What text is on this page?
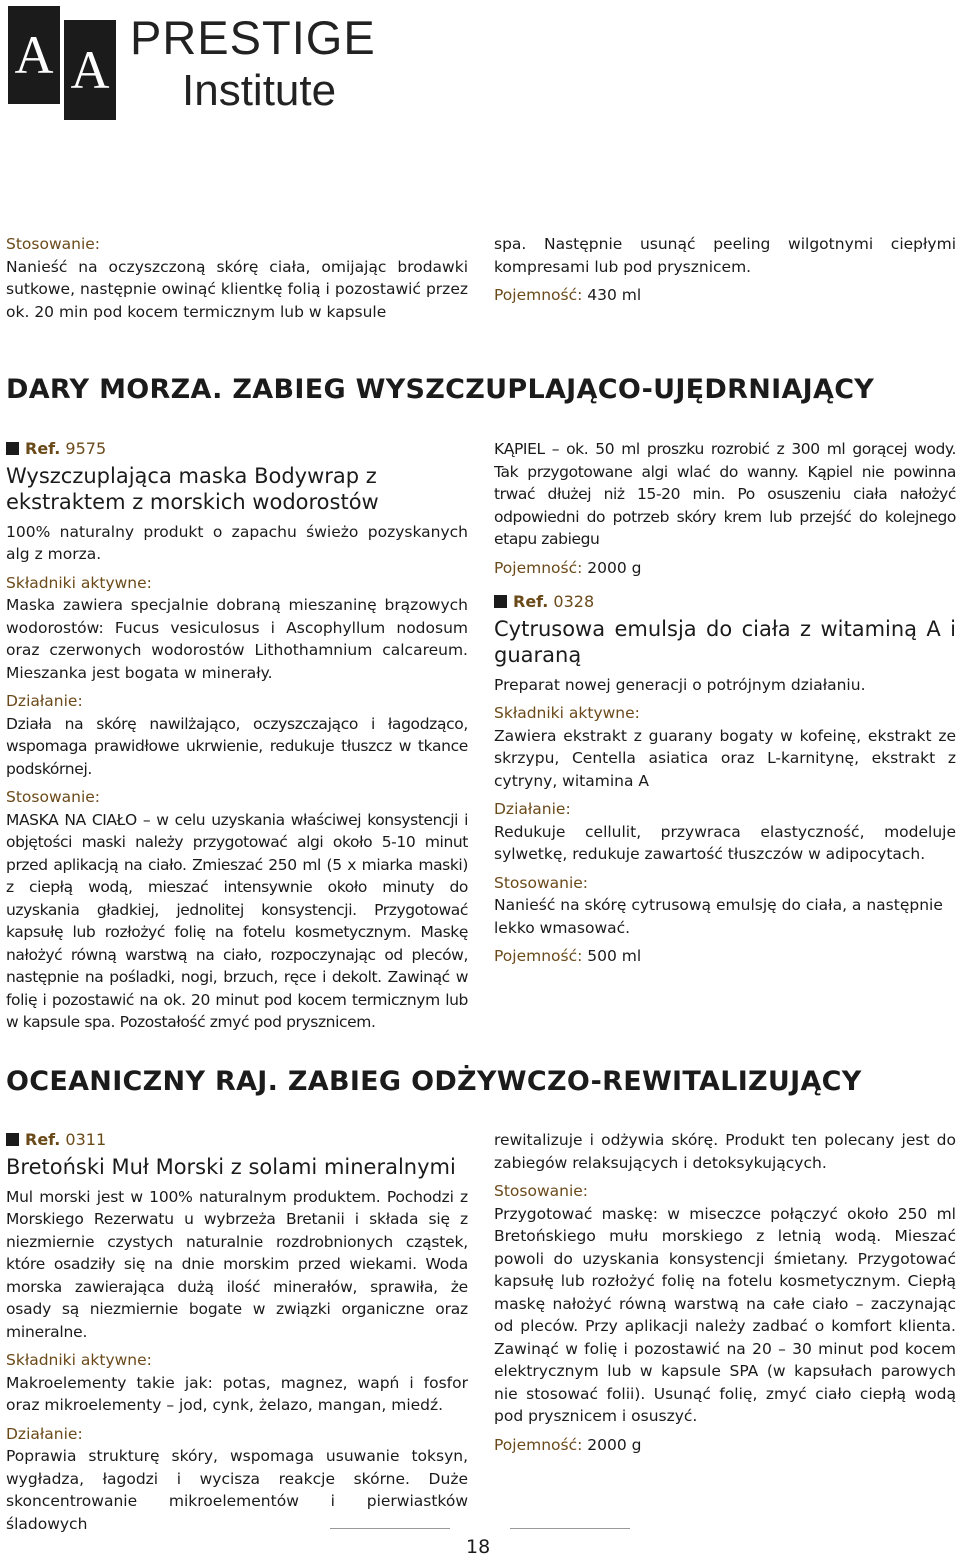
A A
PRESTIGE
Institute
Stosowanie:

Nanieść na oczyszczoną skórę ciała, omijając brodawki sutkowe, następnie owinąć klientkę folią i pozostawić przez ok. 20 min pod kocem termicznym lub w kapsule

spa. Następnie usunąć peeling wilgotnymi ciepłymi kompresami lub pod prysznicem.

Pojemność: 430 ml

DARY MORZA. ZABIEG WYSZCZUPLAJĄCO-UJĘDRNIAJĄCY
Ref. 9575
Wyszczuplająca maska Bodywrap z ekstraktem z morskich wodorostów

100% naturalny produkt o zapachu świeżo pozyskanych alg z morza.

Składniki aktywne:

Maska zawiera specjalnie dobraną mieszaninę brązowych wodorostów: Fucus vesiculosus i Ascophyllum nodosum oraz czerwonych wodorostów Lithothamnium calcareum. Mieszanka jest bogata w minerały.

Działanie:

Działa na skórę nawilżająco, oczyszczająco i łagodząco, wspomaga prawidłowe ukrwienie, redukuje tłuszcz w tkance podskórnej.

Stosowanie:

MASKA NA CIAŁO – w celu uzyskania właściwej konsystencji i objętości maski należy przygotować algi około 5-10 minut przed aplikacją na ciało. Zmieszać 250 ml (5 x miarka maski) z ciepłą wodą, mieszać intensywnie około minuty do uzyskania gładkiej, jednolitej konsystencji. Przygotować kapsułę lub rozłożyć folię na fotelu kosmetycznym. Maskę nałożyć równą warstwą na ciało, rozpoczynając od pleców, następnie na pośladki, nogi, brzuch, ręce i dekolt. Zawinąć w folię i pozostawić na ok. 20 minut pod kocem termicznym lub w kapsule spa. Pozostałość zmyć pod prysznicem.

KĄPIEL – ok. 50 ml proszku rozrobić z 300 ml gorącej wody. Tak przygotowane algi wlać do wanny. Kąpiel nie powinna trwać dłużej niż 15-20 min. Po osuszeniu ciała nałożyć odpowiedni do potrzeb skóry krem lub przejść do kolejnego etapu zabiegu

Pojemność: 2000 g

Ref. 0328
Cytrusowa emulsja do ciała z witaminą A i guaraną

Preparat nowej generacji o potrójnym działaniu.

Składniki aktywne:

Zawiera ekstrakt z guarany bogaty w kofeinę, ekstrakt ze skrzypu, Centella asiatica oraz L-karnitynę, ekstrakt z cytryny, witamina A

Działanie:

Redukuje cellulit, przywraca elastyczność, modeluje sylwetkę, redukuje zawartość tłuszczów w adipocytach.

Stosowanie:

Nanieść na skórę cytrusową emulsję do ciała, a następnie lekko wmasować.

Pojemność: 500 ml

OCEANICZNY RAJ. ZABIEG ODŻYWCZO-REWITALIZUJĄCY
Ref. 0311
Bretoński Muł Morski z solami mineralnymi

Mul morski jest w 100% naturalnym produktem. Pochodzi z Morskiego Rezerwatu u wybrzeża Bretanii i składa się z niezmiernie czystych naturalnie rozdrobnionych cząstek, które osadziły się na dnie morskim przed wiekami. Woda morska zawierająca dużą ilość minerałów, sprawiła, że osady są niezmiernie bogate w związki organiczne oraz mineralne.

Składniki aktywne:

Makroelementy takie jak: potas, magnez, wapń i fosfor oraz mikroelementy – jod, cynk, żelazo, mangan, miedź.

Działanie:

Poprawia strukturę skóry, wspomaga usuwanie toksyn, wygładza, łagodzi i wycisza reakcje skórne. Duże skoncentrowanie mikroelementów i pierwiastków śladowych

rewitalizuje i odżywia skórę. Produkt ten polecany jest do zabiegów relaksujących i detoksykujących.

Stosowanie:

Przygotować maskę: w miseczce połączyć około 250 ml Bretońskiego mułu morskiego z letnią wodą. Mieszać powoli do uzyskania konsystencji śmietany. Przygotować kapsułę lub rozłożyć folię na fotelu kosmetycznym. Ciepłą maskę nałożyć równą warstwą na całe ciało – zaczynając od pleców. Przy aplikacji należy zadbać o komfort klienta. Zawinąć w folię i pozostawić na 20 – 30 minut pod kocem elektrycznym lub w kapsule SPA (w kapsułach parowych nie stosować folii). Usunąć folię, zmyć ciało ciepłą wodą pod prysznicem i osuszyć.

Pojemność: 2000 g

18
